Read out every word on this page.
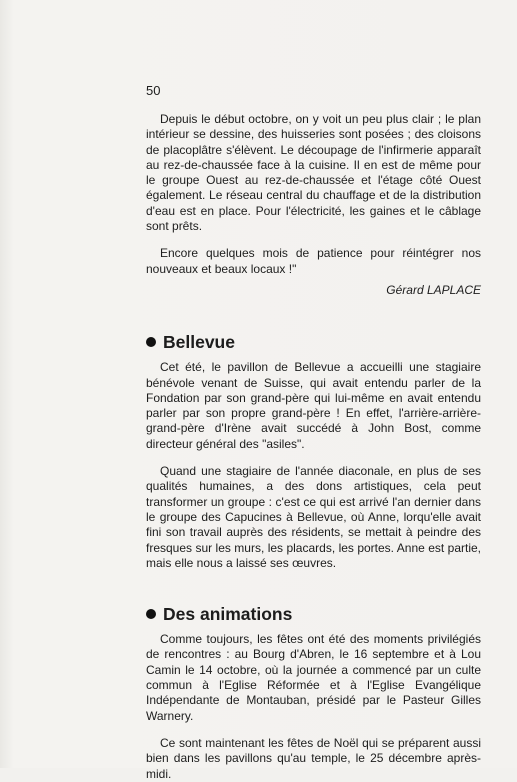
50

Depuis le début octobre, on y voit un peu plus clair ; le plan intérieur se dessine, des huisseries sont posées ; des cloisons de placoplâtre s'élèvent. Le découpage de l'infirmerie apparaît au rez-de-chaussée face à la cuisine. Il en est de même pour le groupe Ouest au rez-de-chaussée et l'étage côté Ouest également. Le réseau central du chauffage et de la distribution d'eau est en place. Pour l'électricité, les gaines et le câblage sont prêts.

Encore quelques mois de patience pour réintégrer nos nouveaux et beaux locaux !"

Gérard LAPLACE
Bellevue

Cet été, le pavillon de Bellevue a accueilli une stagiaire bénévole venant de Suisse, qui avait entendu parler de la Fondation par son grand-père qui lui-même en avait entendu parler par son propre grand-père ! En effet, l'arrière-arrière-grand-père d'Irène avait succédé à John Bost, comme directeur général des "asiles".

Quand une stagiaire de l'année diaconale, en plus de ses qualités humaines, a des dons artistiques, cela peut transformer un groupe : c'est ce qui est arrivé l'an dernier dans le groupe des Capucines à Bellevue, où Anne, lorqu'elle avait fini son travail auprès des résidents, se mettait à peindre des fresques sur les murs, les placards, les portes. Anne est partie, mais elle nous a laissé ses œuvres.

Des animations

Comme toujours, les fêtes ont été des moments privilégiés de rencontres : au Bourg d'Abren, le 16 septembre et à Lou Camin le 14 octobre, où la journée a commencé par un culte commun à l'Eglise Réformée et à l'Eglise Evangélique Indépendante de Montauban, présidé par le Pasteur Gilles Warnery.

Ce sont maintenant les fêtes de Noël qui se préparent aussi bien dans les pavillons qu'au temple, le 25 décembre après-midi.
